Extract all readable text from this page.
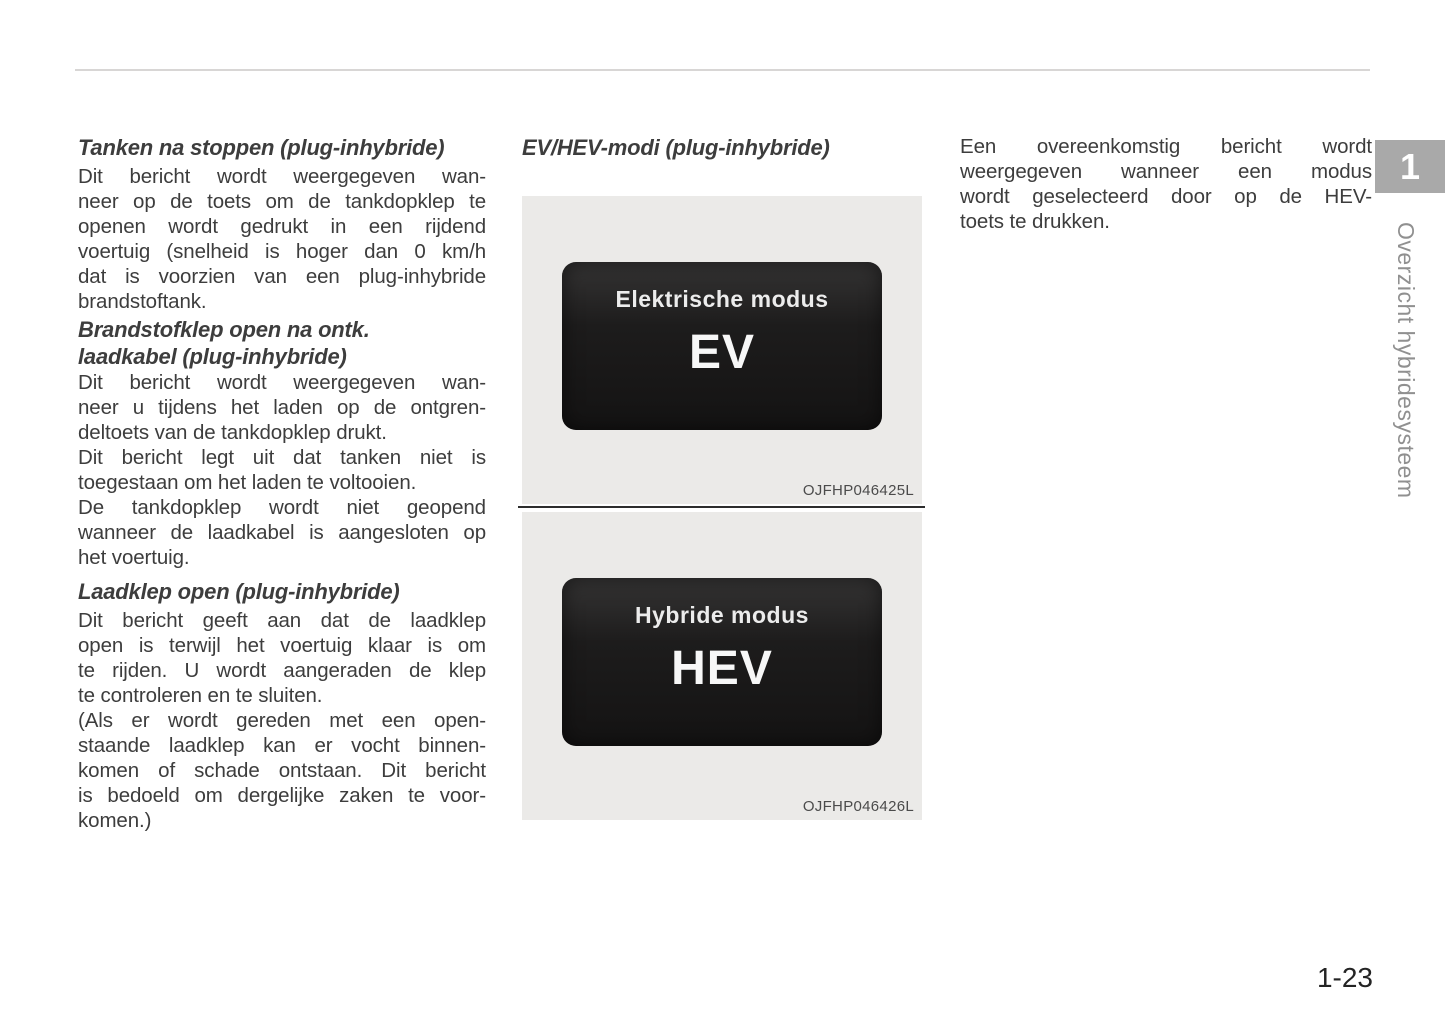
1
Overzicht hybridesysteem
Tanken na stoppen (plug-inhybride)
Dit bericht wordt weergegeven wan-
neer op de toets om de tankdopklep te
openen wordt gedrukt in een rijdend
voertuig (snelheid is hoger dan 0 km/h
dat is voorzien van een plug-inhybride
brandstoftank.
Brandstofklep open na ontk.
laadkabel (plug-inhybride)
Dit bericht wordt weergegeven wan-
neer u tijdens het laden op de ontgren-
deltoets van de tankdopklep drukt.
Dit bericht legt uit dat tanken niet is
toegestaan om het laden te voltooien.
De tankdopklep wordt niet geopend
wanneer de laadkabel is aangesloten op
het voertuig.
Laadklep open (plug-inhybride)
Dit bericht geeft aan dat de laadklep
open is terwijl het voertuig klaar is om
te rijden. U wordt aangeraden de klep
te controleren en te sluiten.
(Als er wordt gereden met een open-
staande laadklep kan er vocht binnen-
komen of schade ontstaan. Dit bericht
is bedoeld om dergelijke zaken te voor-
komen.)
EV/HEV-modi (plug-inhybride)
Elektrische modus
EV
OJFHP046425L
Hybride modus
HEV
OJFHP046426L
Een overeenkomstig bericht wordt
weergegeven wanneer een modus
wordt geselecteerd door op de HEV-
toets te drukken.
1-23
